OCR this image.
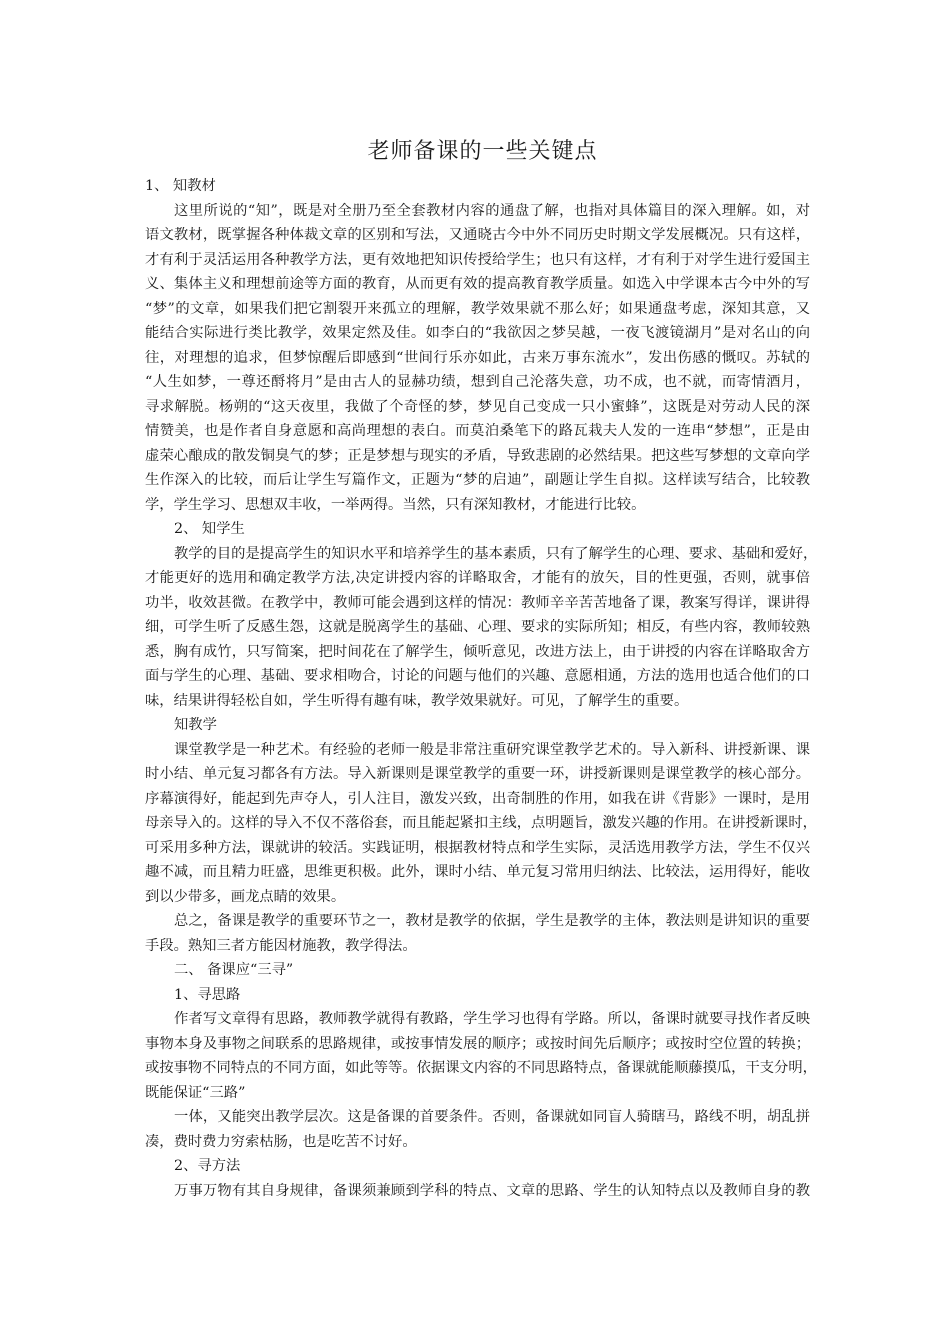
老师备课的一些关键点

1、 知教材

这里所说的“知”，既是对全册乃至全套教材内容的通盘了解，也指对具体篇目的深入理解。如，对

语文教材，既掌握各种体裁文章的区别和写法，又通晓古今中外不同历史时期文学发展概况。只有这样，

才有利于灵活运用各种教学方法，更有效地把知识传授给学生；也只有这样，才有利于对学生进行爱国主

义、集体主义和理想前途等方面的教育，从而更有效的提高教育教学质量。如选入中学课本古今中外的写

“梦”的文章，如果我们把它割裂开来孤立的理解，教学效果就不那么好；如果通盘考虑，深知其意，又

能结合实际进行类比教学，效果定然及佳。如李白的“我欲因之梦吴越，一夜飞渡镜湖月”是对名山的向

往，对理想的追求，但梦惊醒后即感到“世间行乐亦如此，古来万事东流水”，发出伤感的慨叹。苏轼的

“人生如梦，一尊还酹将月”是由古人的显赫功绩，想到自己沦落失意，功不成，也不就，而寄情酒月，

寻求解脱。杨朔的“这天夜里，我做了个奇怪的梦，梦见自己变成一只小蜜蜂”，这既是对劳动人民的深

情赞美，也是作者自身意愿和高尚理想的表白。而莫泊桑笔下的路瓦栽夫人发的一连串“梦想”，正是由

虚荣心酿成的散发铜臭气的梦；正是梦想与现实的矛盾，导致悲剧的必然结果。把这些写梦想的文章向学

生作深入的比较，而后让学生写篇作文，正题为“梦的启迪”，副题让学生自拟。这样读写结合，比较教

学，学生学习、思想双丰收，一举两得。当然，只有深知教材，才能进行比较。

2、 知学生

教学的目的是提高学生的知识水平和培养学生的基本素质，只有了解学生的心理、要求、基础和爱好，

才能更好的选用和确定教学方法,决定讲授内容的详略取舍，才能有的放矢，目的性更强，否则，就事倍

功半，收效甚微。在教学中，教师可能会遇到这样的情况：教师辛辛苦苦地备了课，教案写得详，课讲得

细，可学生听了反感生怨，这就是脱离学生的基础、心理、要求的实际所知；相反，有些内容，教师较熟

悉，胸有成竹，只写简案，把时间花在了解学生，倾听意见，改进方法上，由于讲授的内容在详略取舍方

面与学生的心理、基础、要求相吻合，讨论的问题与他们的兴趣、意愿相通，方法的选用也适合他们的口

味，结果讲得轻松自如，学生听得有趣有味，教学效果就好。可见，了解学生的重要。

知教学

课堂教学是一种艺术。有经验的老师一般是非常注重研究课堂教学艺术的。导入新科、讲授新课、课

时小结、单元复习都各有方法。导入新课则是课堂教学的重要一环，讲授新课则是课堂教学的核心部分。

序幕演得好，能起到先声夺人，引人注目，激发兴致，出奇制胜的作用，如我在讲《背影》一课时，是用

母亲导入的。这样的导入不仅不落俗套，而且能起紧扣主线，点明题旨，激发兴趣的作用。在讲授新课时，

可采用多种方法，课就讲的较活。实践证明，根据教材特点和学生实际，灵活选用教学方法，学生不仅兴

趣不减，而且精力旺盛，思维更积极。此外，课时小结、单元复习常用归纳法、比较法，运用得好，能收

到以少带多，画龙点睛的效果。

总之，备课是教学的重要环节之一，教材是教学的依据，学生是教学的主体，教法则是讲知识的重要

手段。熟知三者方能因材施教，教学得法。

二、 备课应“三寻”

1、寻思路

作者写文章得有思路，教师教学就得有教路，学生学习也得有学路。所以，备课时就要寻找作者反映

事物本身及事物之间联系的思路规律，或按事情发展的顺序；或按时间先后顺序；或按时空位置的转换；

或按事物不同特点的不同方面，如此等等。依据课文内容的不同思路特点，备课就能顺藤摸瓜，干支分明，

既能保证“三路”

一体，又能突出教学层次。这是备课的首要条件。否则，备课就如同盲人骑瞎马，路线不明，胡乱拼

凑，费时费力穷索枯肠，也是吃苦不讨好。

2、寻方法

万事万物有其自身规律，备课须兼顾到学科的特点、文章的思路、学生的认知特点以及教师自身的教
